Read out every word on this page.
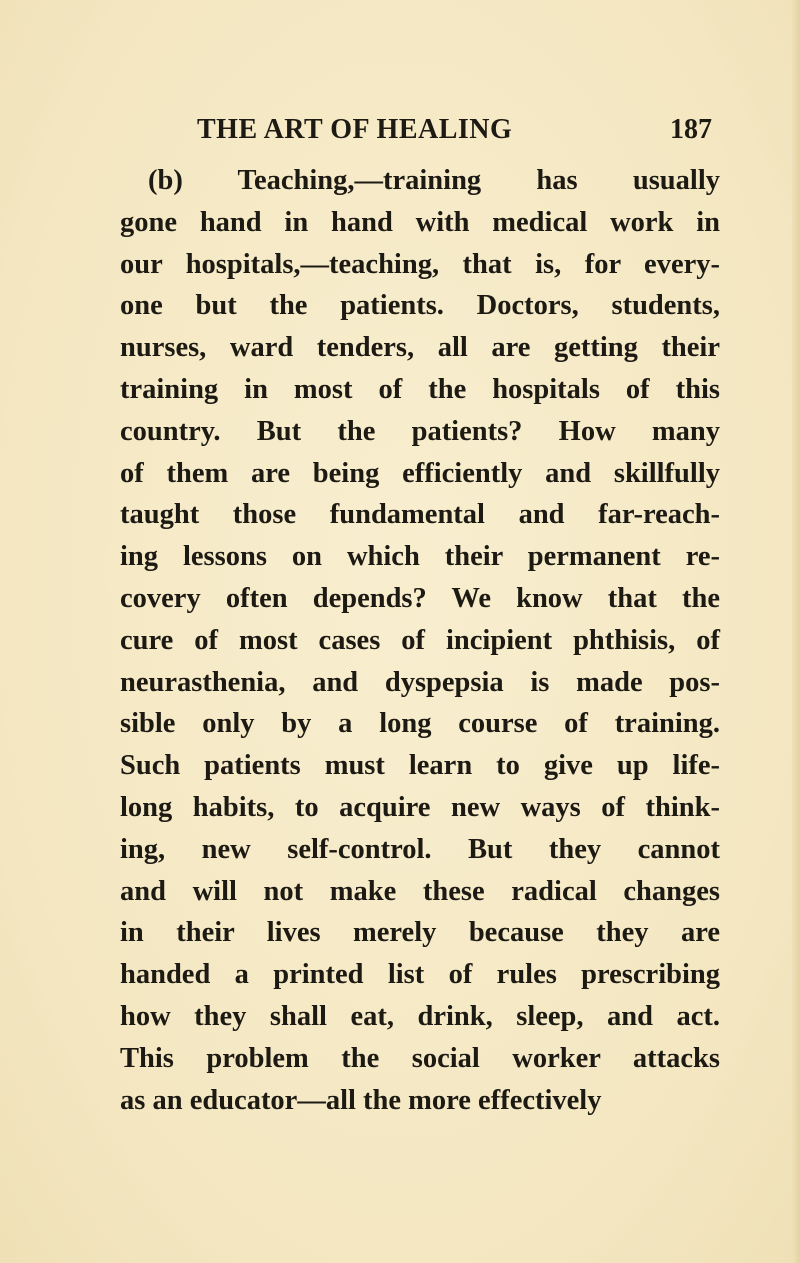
THE ART OF HEALING	187
(b) Teaching,—training has usually
gone hand in hand with medical work in
our hospitals,—teaching, that is, for every-
one but the patients. Doctors, students,
nurses, ward tenders, all are getting their
training in most of the hospitals of this
country. But the patients? How many
of them are being efficiently and skillfully
taught those fundamental and far-reach-
ing lessons on which their permanent re-
covery often depends? We know that the
cure of most cases of incipient phthisis, of
neurasthenia, and dyspepsia is made pos-
sible only by a long course of training.
Such patients must learn to give up life-
long habits, to acquire new ways of think-
ing, new self-control. But they cannot
and will not make these radical changes
in their lives merely because they are
handed a printed list of rules prescribing
how they shall eat, drink, sleep, and act.
This problem the social worker attacks
as an educator—all the more effectively
